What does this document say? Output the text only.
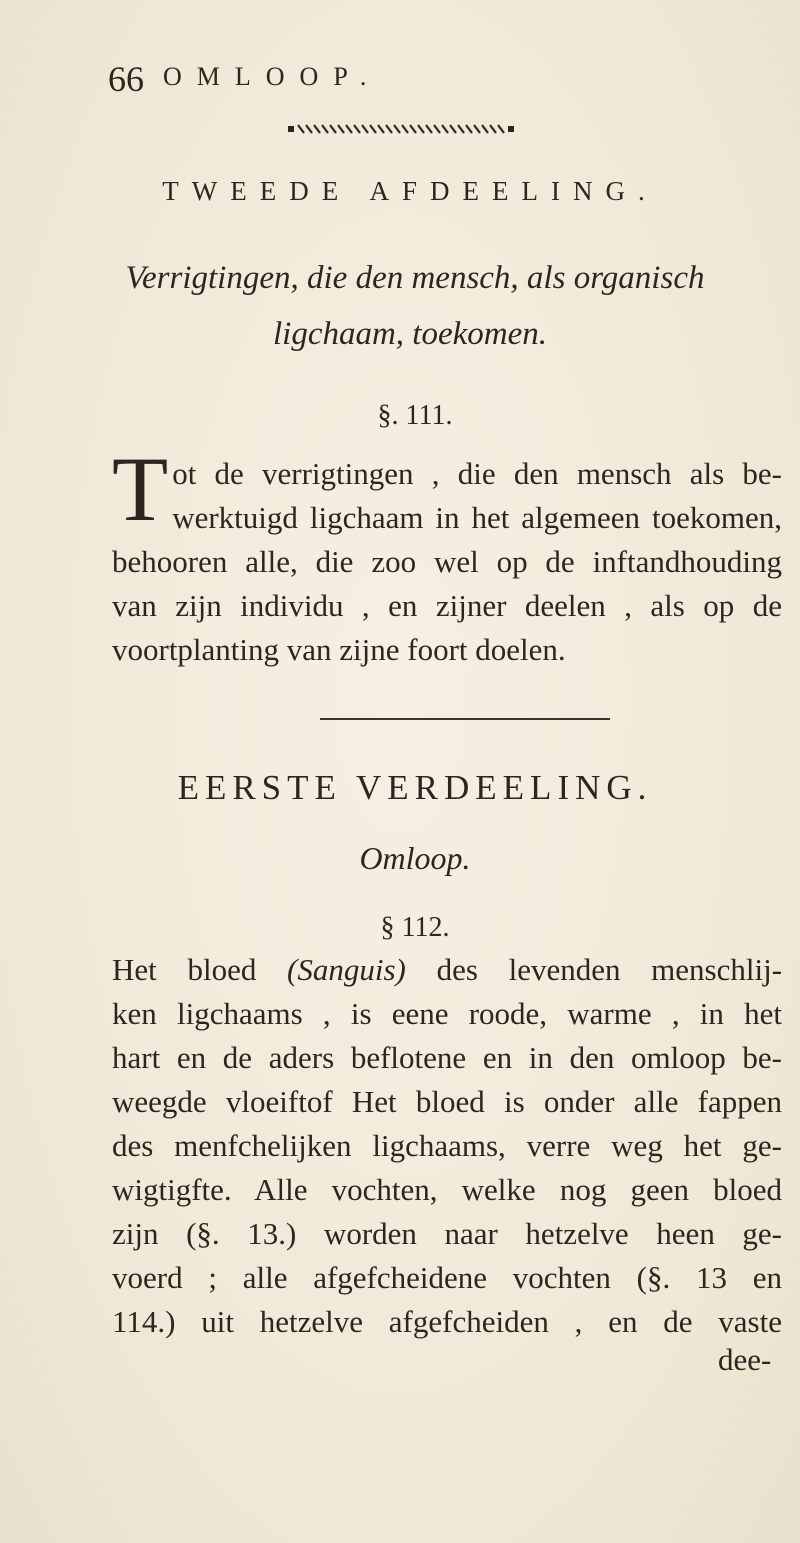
66 OMLOOP.
TWEEDE AFDEELING.
Verrigtingen, die den mensch, als organisch
ligchaam, toekomen.
§. 111.
T ot de verrigtingen , die den mensch als be-
werktuigd ligchaam in het algemeen toekomen,
behooren alle, die zoo wel op de inftandhouding
van zijn individu , en zijner deelen , als op de
voortplanting van zijne foort doelen.
EERSTE VERDEELING.
Omloop.
§ 112.
Het bloed (Sanguis) des levenden menschlij-
ken ligchaams , is eene roode, warme , in het
hart en de aders beflotene en in den omloop be-
weegde vloeiftof Het bloed is onder alle fappen
des menfchelijken ligchaams, verre weg het ge-
wigtigfte. Alle vochten, welke nog geen bloed
zijn (§. 13.) worden naar hetzelve heen ge-
voerd ; alle afgefcheidene vochten (§. 13 en
114.) uit hetzelve afgefcheiden , en de vaste
dee-
